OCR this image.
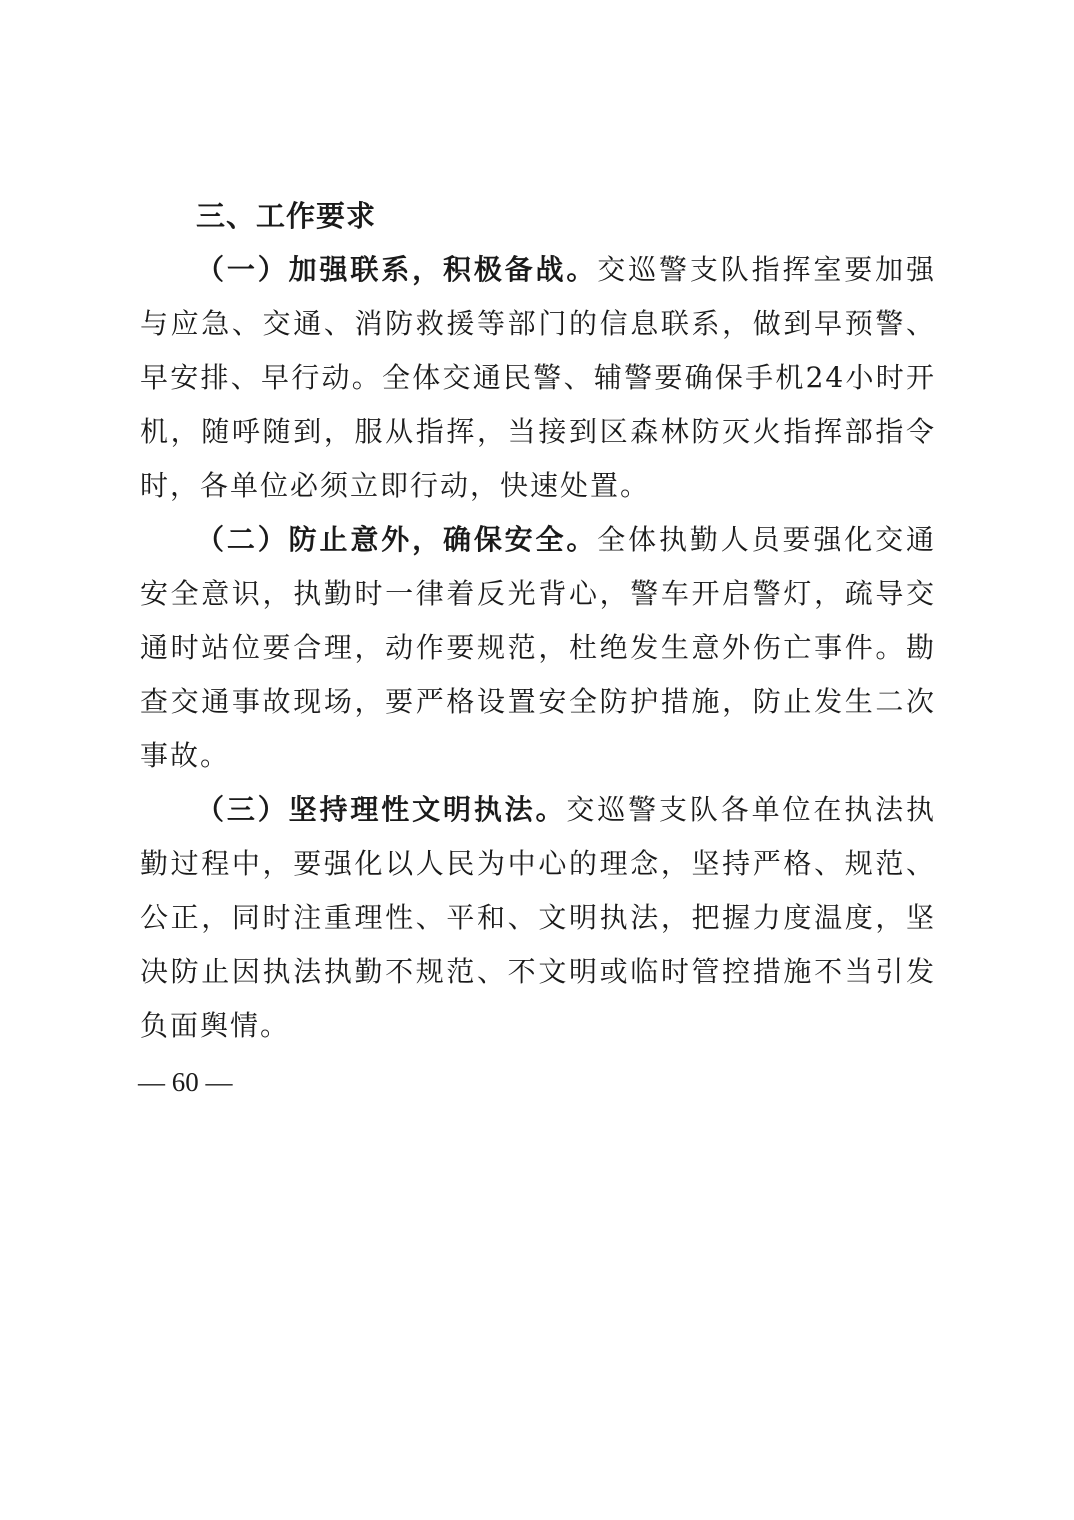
三、工作要求

（一）加强联系，积极备战。交巡警支队指挥室要加强与应急、交通、消防救援等部门的信息联系，做到早预警、早安排、早行动。全体交通民警、辅警要确保手机24小时开机，随呼随到，服从指挥，当接到区森林防灭火指挥部指令时，各单位必须立即行动，快速处置。

（二）防止意外，确保安全。全体执勤人员要强化交通安全意识，执勤时一律着反光背心，警车开启警灯，疏导交通时站位要合理，动作要规范，杜绝发生意外伤亡事件。勘查交通事故现场，要严格设置安全防护措施，防止发生二次事故。

（三）坚持理性文明执法。交巡警支队各单位在执法执勤过程中，要强化以人民为中心的理念，坚持严格、规范、公正，同时注重理性、平和、文明执法，把握力度温度，坚决防止因执法执勤不规范、不文明或临时管控措施不当引发负面舆情。

— 60 —
